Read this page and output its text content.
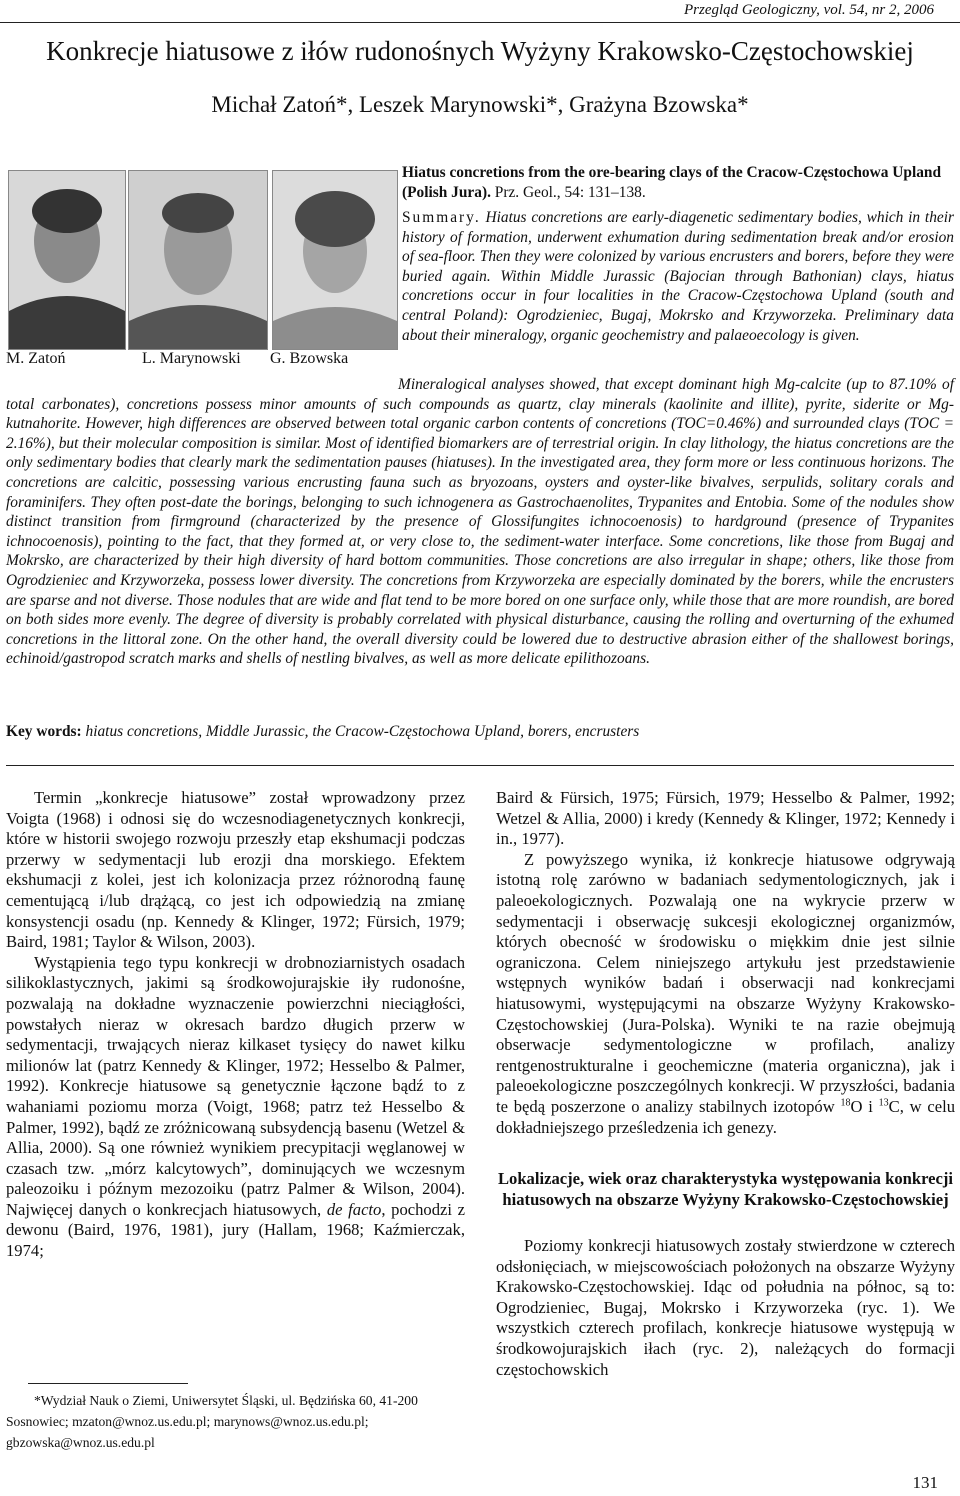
Przegląd Geologiczny, vol. 54, nr 2, 2006
Konkrecje hiatusowe z iłów rudonośnych Wyżyny Krakowsko-Częstochowskiej
Michał Zatoń*, Leszek Marynowski*, Grażyna Bzowska*
M. Zatoń	L. Marynowski G. Bzowska
Hiatus concretions from the ore-bearing clays of the Cracow-Częstochowa Upland (Polish Jura). Prz. Geol., 54: 131–138.
Summary. Hiatus concretions are early-diagenetic sedimentary bodies, which in their history of formation, underwent exhumation during sedimentation break and/or erosion of sea-floor. Then they were colonized by various encrusters and borers, before they were buried again. Within Middle Jurassic (Bajocian through Bathonian) clays, hiatus concretions occur in four localities in the Cracow-Częstochowa Upland (south and central Poland): Ogrodzieniec, Bugaj, Mokrsko and Krzyworzeka. Preliminary data about their mineralogy, organic geochemistry and palaeoecology is given.
Mineralogical analyses showed, that except dominant high Mg-calcite (up to 87.10% of total carbonates), concretions possess minor amounts of such compounds as quartz, clay minerals (kaolinite and illite), pyrite, siderite or Mg-kutnahorite. However, high differences are observed between total organic carbon contents of concretions (TOC=0.46%) and surrounded clays (TOC = 2.16%), but their molecular composition is similar. Most of identified biomarkers are of terrestrial origin. In clay lithology, the hiatus concretions are the only sedimentary bodies that clearly mark the sedimentation pauses (hiatuses). In the investigated area, they form more or less continuous horizons. The concretions are calcitic, possessing various encrusting fauna such as bryozoans, oysters and oyster-like bivalves, serpulids, solitary corals and foraminifers. They often post-date the borings, belonging to such ichnogenera as Gastrochaenolites, Trypanites and Entobia. Some of the nodules show distinct transition from firmground (characterized by the presence of Glossifungites ichnocoenosis) to hardground (presence of Trypanites ichnocoenosis), pointing to the fact, that they formed at, or very close to, the sediment-water interface. Some concretions, like those from Bugaj and Mokrsko, are characterized by their high diversity of hard bottom communities. Those concretions are also irregular in shape; others, like those from Ogrodzieniec and Krzyworzeka, possess lower diversity. The concretions from Krzyworzeka are especially dominated by the borers, while the encrusters are sparse and not diverse. Those nodules that are wide and flat tend to be more bored on one surface only, while those that are more roundish, are bored on both sides more evenly. The degree of diversity is probably correlated with physical disturbance, causing the rolling and overturning of the exhumed concretions in the littoral zone. On the other hand, the overall diversity could be lowered due to destructive abrasion either of the shallowest borings, echinoid/gastropod scratch marks and shells of nestling bivalves, as well as more delicate epilithozoans.
Key words: hiatus concretions, Middle Jurassic, the Cracow-Częstochowa Upland, borers, encrusters

Termin „konkrecje hiatusowe” został wprowadzony przez Voigta (1968) i odnosi się do wczesnodiagenetycznych konkrecji, które w historii swojego rozwoju przeszły etap ekshumacji podczas przerwy w sedymentacji lub erozji dna morskiego. Efektem ekshumacji z kolei, jest ich kolonizacja przez różnorodną faunę cementującą i/lub drążącą, co jest ich odpowiedzią na zmianę konsystencji osadu (np. Kennedy & Klinger, 1972; Fürsich, 1979; Baird, 1981; Taylor & Wilson, 2003).

Wystąpienia tego typu konkrecji w drobnoziarnistych osadach silikoklastycznych, jakimi są środkowojurajskie iły rudonośne, pozwalają na dokładne wyznaczenie powierzchni nieciągłości, powstałych nieraz w okresach bardzo długich przerw w sedymentacji, trwających nieraz kilkaset tysięcy do nawet kilku milionów lat (patrz Kennedy & Klinger, 1972; Hesselbo & Palmer, 1992). Konkrecje hiatusowe są genetycznie łączone bądź to z wahaniami poziomu morza (Voigt, 1968; patrz też Hesselbo & Palmer, 1992), bądź ze zróżnicowaną subsydencją basenu (Wetzel & Allia, 2000). Są one również wynikiem precypitacji węglanowej w czasach tzw. „mórz kalcytowych”, dominujących we wczesnym paleozoiku i późnym mezozoiku (patrz Palmer & Wilson, 2004). Najwięcej danych o konkrecjach hiatusowych, de facto, pochodzi z dewonu (Baird, 1976, 1981), jury (Hallam, 1968; Kaźmierczak, 1974;

Baird & Fürsich, 1975; Fürsich, 1979; Hesselbo & Palmer, 1992; Wetzel & Allia, 2000) i kredy (Kennedy & Klinger, 1972; Kennedy i in., 1977).

Z powyższego wynika, iż konkrecje hiatusowe odgrywają istotną rolę zarówno w badaniach sedymentologicznych, jak i paleoekologicznych. Pozwalają one na wykrycie przerw w sedymentacji i obserwację sukcesji ekologicznej organizmów, których obecność w środowisku o miękkim dnie jest silnie ograniczona. Celem niniejszego artykułu jest przedstawienie wstępnych wyników badań i obserwacji nad konkrecjami hiatusowymi, występującymi na obszarze Wyżyny Krakowsko-Częstochowskiej (Jura-Polska). Wyniki te na razie obejmują obserwacje sedymentologiczne w profilach, analizy rentgenostrukturalne i geochemiczne (materia organiczna), jak i paleoekologiczne poszczególnych konkrecji. W przyszłości, badania te będą poszerzone o analizy stabilnych izotopów $^{18}$O i $^{13}$C, w celu dokładniejszego prześledzenia ich genezy.

Lokalizacje, wiek oraz charakterystyka występowania konkrecji hiatusowych na obszarze Wyżyny Krakowsko-Częstochowskiej

Poziomy konkrecji hiatusowych zostały stwierdzone w czterech odsłonięciach, w miejscowościach położonych na obszarze Wyżyny Krakowsko-Częstochowskiej. Idąc od południa na północ, są to: Ogrodzieniec, Bugaj, Mokrsko i Krzyworzeka (ryc. 1). We wszystkich czterech profilach, konkrecje hiatusowe występują w środkowojurajskich iłach (ryc. 2), należących do formacji częstochowskich

*Wydział Nauk o Ziemi, Uniwersytet Śląski, ul. Będzińska 60, 41-200 Sosnowiec; mzaton@wnoz.us.edu.pl; marynows@wnoz.us.edu.pl; gbzowska@wnoz.us.edu.pl
131
